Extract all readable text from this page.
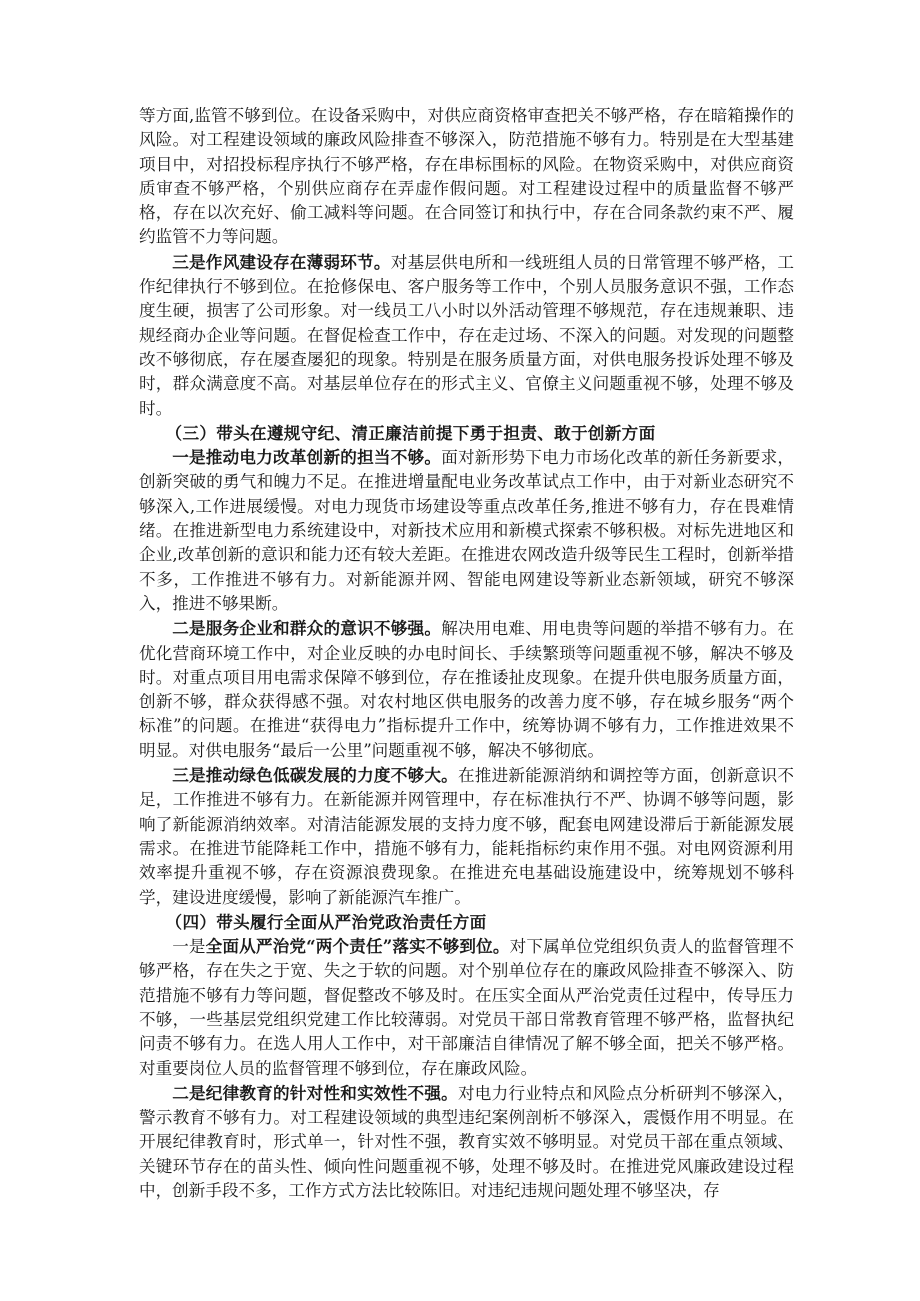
等方面,监管不够到位。在设备采购中，对供应商资格审查把关不够严格，存在暗箱操作的风险。对工程建设领域的廉政风险排查不够深入，防范措施不够有力。特别是在大型基建项目中，对招投标程序执行不够严格，存在串标围标的风险。在物资采购中，对供应商资质审查不够严格，个别供应商存在弄虚作假问题。对工程建设过程中的质量监督不够严格，存在以次充好、偷工减料等问题。在合同签订和执行中，存在合同条款约束不严、履约监管不力等问题。

三是作风建设存在薄弱环节。对基层供电所和一线班组人员的日常管理不够严格，工作纪律执行不够到位。在抢修保电、客户服务等工作中，个别人员服务意识不强，工作态度生硬，损害了公司形象。对一线员工八小时以外活动管理不够规范，存在违规兼职、违规经商办企业等问题。在督促检查工作中，存在走过场、不深入的问题。对发现的问题整改不够彻底，存在屡查屡犯的现象。特别是在服务质量方面，对供电服务投诉处理不够及时，群众满意度不高。对基层单位存在的形式主义、官僚主义问题重视不够，处理不够及时。

（三）带头在遵规守纪、清正廉洁前提下勇于担责、敢于创新方面

一是推动电力改革创新的担当不够。面对新形势下电力市场化改革的新任务新要求，创新突破的勇气和魄力不足。在推进增量配电业务改革试点工作中，由于对新业态研究不够深入,工作进展缓慢。对电力现货市场建设等重点改革任务,推进不够有力，存在畏难情绪。在推进新型电力系统建设中，对新技术应用和新模式探索不够积极。对标先进地区和企业,改革创新的意识和能力还有较大差距。在推进农网改造升级等民生工程时，创新举措不多，工作推进不够有力。对新能源并网、智能电网建设等新业态新领域，研究不够深入，推进不够果断。

二是服务企业和群众的意识不够强。解决用电难、用电贵等问题的举措不够有力。在优化营商环境工作中，对企业反映的办电时间长、手续繁琐等问题重视不够，解决不够及时。对重点项目用电需求保障不够到位，存在推诿扯皮现象。在提升供电服务质量方面，创新不够，群众获得感不强。对农村地区供电服务的改善力度不够，存在城乡服务“两个标准”的问题。在推进“获得电力”指标提升工作中，统筹协调不够有力，工作推进效果不明显。对供电服务“最后一公里”问题重视不够，解决不够彻底。

三是推动绿色低碳发展的力度不够大。在推进新能源消纳和调控等方面，创新意识不足，工作推进不够有力。在新能源并网管理中，存在标准执行不严、协调不够等问题，影响了新能源消纳效率。对清洁能源发展的支持力度不够，配套电网建设滞后于新能源发展需求。在推进节能降耗工作中，措施不够有力，能耗指标约束作用不强。对电网资源利用效率提升重视不够，存在资源浪费现象。在推进充电基础设施建设中，统筹规划不够科学，建设进度缓慢，影响了新能源汽车推广。

（四）带头履行全面从严治党政治责任方面

一是全面从严治党“两个责任”落实不够到位。对下属单位党组织负责人的监督管理不够严格，存在失之于宽、失之于软的问题。对个别单位存在的廉政风险排查不够深入、防范措施不够有力等问题，督促整改不够及时。在压实全面从严治党责任过程中，传导压力不够，一些基层党组织党建工作比较薄弱。对党员干部日常教育管理不够严格，监督执纪问责不够有力。在选人用人工作中，对干部廉洁自律情况了解不够全面，把关不够严格。对重要岗位人员的监督管理不够到位，存在廉政风险。

二是纪律教育的针对性和实效性不强。对电力行业特点和风险点分析研判不够深入，警示教育不够有力。对工程建设领域的典型违纪案例剖析不够深入，震慑作用不明显。在开展纪律教育时，形式单一，针对性不强，教育实效不够明显。对党员干部在重点领域、关键环节存在的苗头性、倾向性问题重视不够，处理不够及时。在推进党风廉政建设过程中，创新手段不多，工作方式方法比较陈旧。对违纪违规问题处理不够坚决，存
